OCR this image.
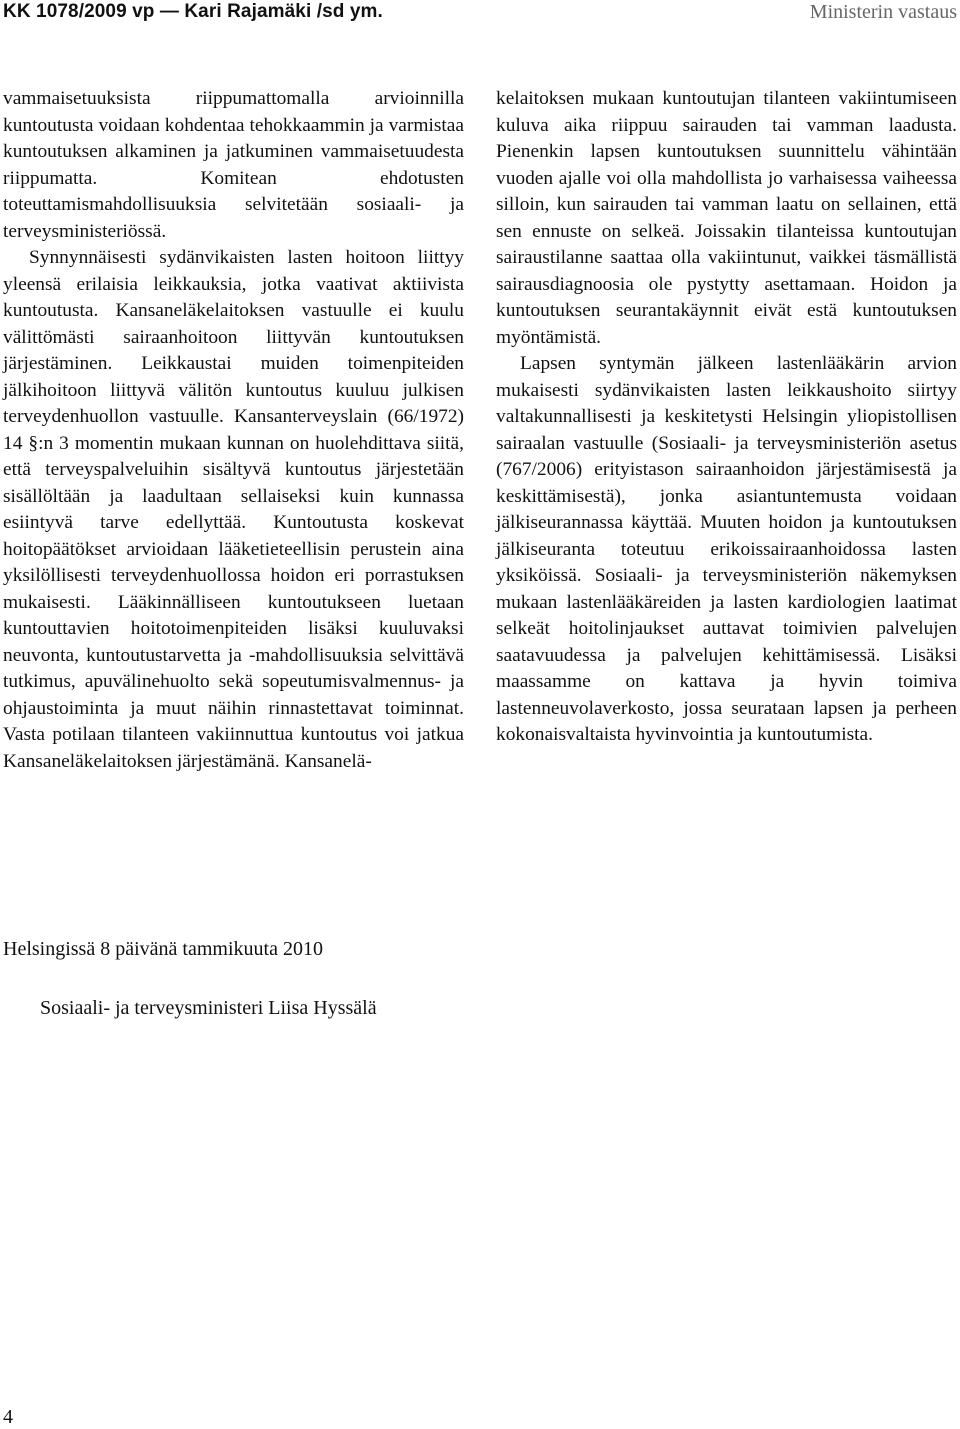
KK 1078/2009 vp — Kari Rajamäki /sd ym.	Ministerin vastaus

vammaisetuuksista riippumattomalla arvioinnilla kuntoutusta voidaan kohdentaa tehokkaammin ja varmistaa kuntoutuksen alkaminen ja jatkuminen vammaisetuudesta riippumatta. Komitean ehdotusten toteuttamismahdollisuuksia selvitetään sosiaali- ja terveysministeriössä.

Synnynnäisesti sydänvikaisten lasten hoitoon liittyy yleensä erilaisia leikkauksia, jotka vaativat aktiivista kuntoutusta. Kansaneläkelaitoksen vastuulle ei kuulu välittömästi sairaanhoitoon liittyvän kuntoutuksen järjestäminen. Leikkaustai muiden toimenpiteiden jälkihoitoon liittyvä välitön kuntoutus kuuluu julkisen terveydenhuollon vastuulle. Kansanterveyslain (66/1972) 14 §:n 3 momentin mukaan kunnan on huolehdittava siitä, että terveyspalveluihin sisältyvä kuntoutus järjestetään sisällöltään ja laadultaan sellaiseksi kuin kunnassa esiintyvä tarve edellyttää. Kuntoutusta koskevat hoitopäätökset arvioidaan lääketieteellisin perustein aina yksilöllisesti terveydenhuollossa hoidon eri porrastuksen mukaisesti. Lääkinnälliseen kuntoutukseen luetaan kuntouttavien hoitotoimenpiteiden lisäksi kuuluvaksi neuvonta, kuntoutustarvetta ja -mahdollisuuksia selvittävä tutkimus, apuvälinehuolto sekä sopeutumisvalmennus- ja ohjaustoiminta ja muut näihin rinnastettavat toiminnat. Vasta potilaan tilanteen vakiinnuttua kuntoutus voi jatkua Kansaneläkelaitoksen järjestämänä. Kansanelä-

kelaitoksen mukaan kuntoutujan tilanteen vakiintumiseen kuluva aika riippuu sairauden tai vamman laadusta. Pienenkin lapsen kuntoutuksen suunnittelu vähintään vuoden ajalle voi olla mahdollista jo varhaisessa vaiheessa silloin, kun sairauden tai vamman laatu on sellainen, että sen ennuste on selkeä. Joissakin tilanteissa kuntoutujan sairaustilanne saattaa olla vakiintunut, vaikkei täsmällistä sairausdiagnoosia ole pystytty asettamaan. Hoidon ja kuntoutuksen seurantakäynnit eivät estä kuntoutuksen myöntämistä.

Lapsen syntymän jälkeen lastenlääkärin arvion mukaisesti sydänvikaisten lasten leikkaushoito siirtyy valtakunnallisesti ja keskitetysti Helsingin yliopistollisen sairaalan vastuulle (Sosiaali- ja terveysministeriön asetus (767/2006) erityistason sairaanhoidon järjestämisestä ja keskittämisestä), jonka asiantuntemusta voidaan jälkiseurannassa käyttää. Muuten hoidon ja kuntoutuksen jälkiseuranta toteutuu erikoissairaanhoidossa lasten yksiköissä. Sosiaali- ja terveysministeriön näkemyksen mukaan lastenlääkäreiden ja lasten kardiologien laatimat selkeät hoitolinjaukset auttavat toimivien palvelujen saatavuudessa ja palvelujen kehittämisessä. Lisäksi maassamme on kattava ja hyvin toimiva lastenneuvolaverkosto, jossa seurataan lapsen ja perheen kokonaisvaltaista hyvinvointia ja kuntoutumista.

Helsingissä 8 päivänä tammikuuta 2010
Sosiaali- ja terveysministeri Liisa Hyssälä
4
